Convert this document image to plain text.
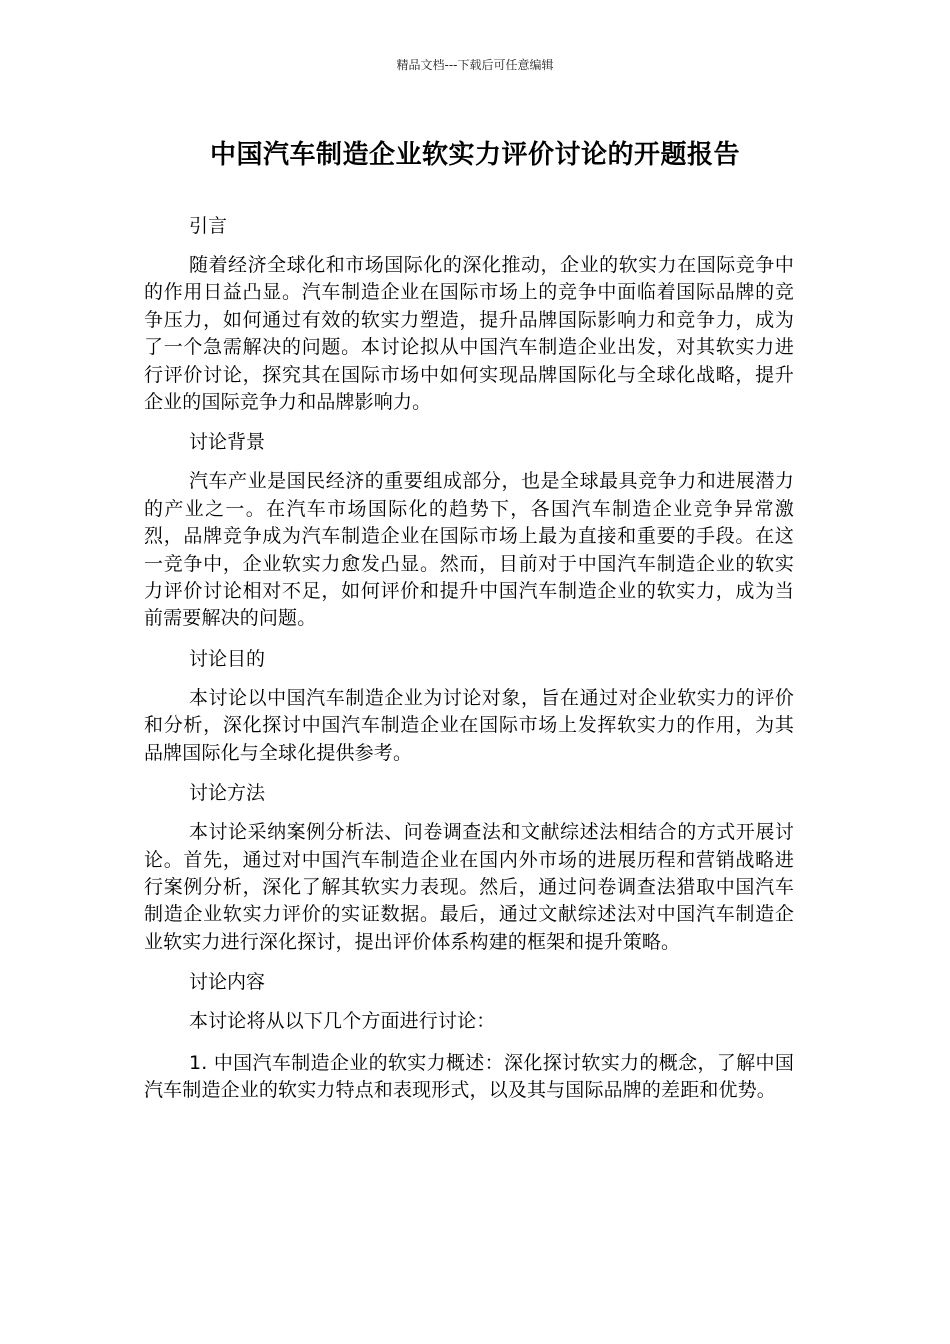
精品文档---下载后可任意编辑
中国汽车制造企业软实力评价讨论的开题报告
引言

随着经济全球化和市场国际化的深化推动，企业的软实力在国际竞争中的作用日益凸显。汽车制造企业在国际市场上的竞争中面临着国际品牌的竞争压力，如何通过有效的软实力塑造，提升品牌国际影响力和竞争力，成为了一个急需解决的问题。本讨论拟从中国汽车制造企业出发，对其软实力进行评价讨论，探究其在国际市场中如何实现品牌国际化与全球化战略，提升企业的国际竞争力和品牌影响力。

讨论背景

汽车产业是国民经济的重要组成部分，也是全球最具竞争力和进展潜力的产业之一。在汽车市场国际化的趋势下，各国汽车制造企业竞争异常激烈，品牌竞争成为汽车制造企业在国际市场上最为直接和重要的手段。在这一竞争中，企业软实力愈发凸显。然而，目前对于中国汽车制造企业的软实力评价讨论相对不足，如何评价和提升中国汽车制造企业的软实力，成为当前需要解决的问题。

讨论目的

本讨论以中国汽车制造企业为讨论对象，旨在通过对企业软实力的评价和分析，深化探讨中国汽车制造企业在国际市场上发挥软实力的作用，为其品牌国际化与全球化提供参考。

讨论方法

本讨论采纳案例分析法、问卷调查法和文献综述法相结合的方式开展讨论。首先，通过对中国汽车制造企业在国内外市场的进展历程和营销战略进行案例分析，深化了解其软实力表现。然后，通过问卷调查法猎取中国汽车制造企业软实力评价的实证数据。最后，通过文献综述法对中国汽车制造企业软实力进行深化探讨，提出评价体系构建的框架和提升策略。

讨论内容

本讨论将从以下几个方面进行讨论：

1. 中国汽车制造企业的软实力概述：深化探讨软实力的概念，了解中国汽车制造企业的软实力特点和表现形式，以及其与国际品牌的差距和优势。
